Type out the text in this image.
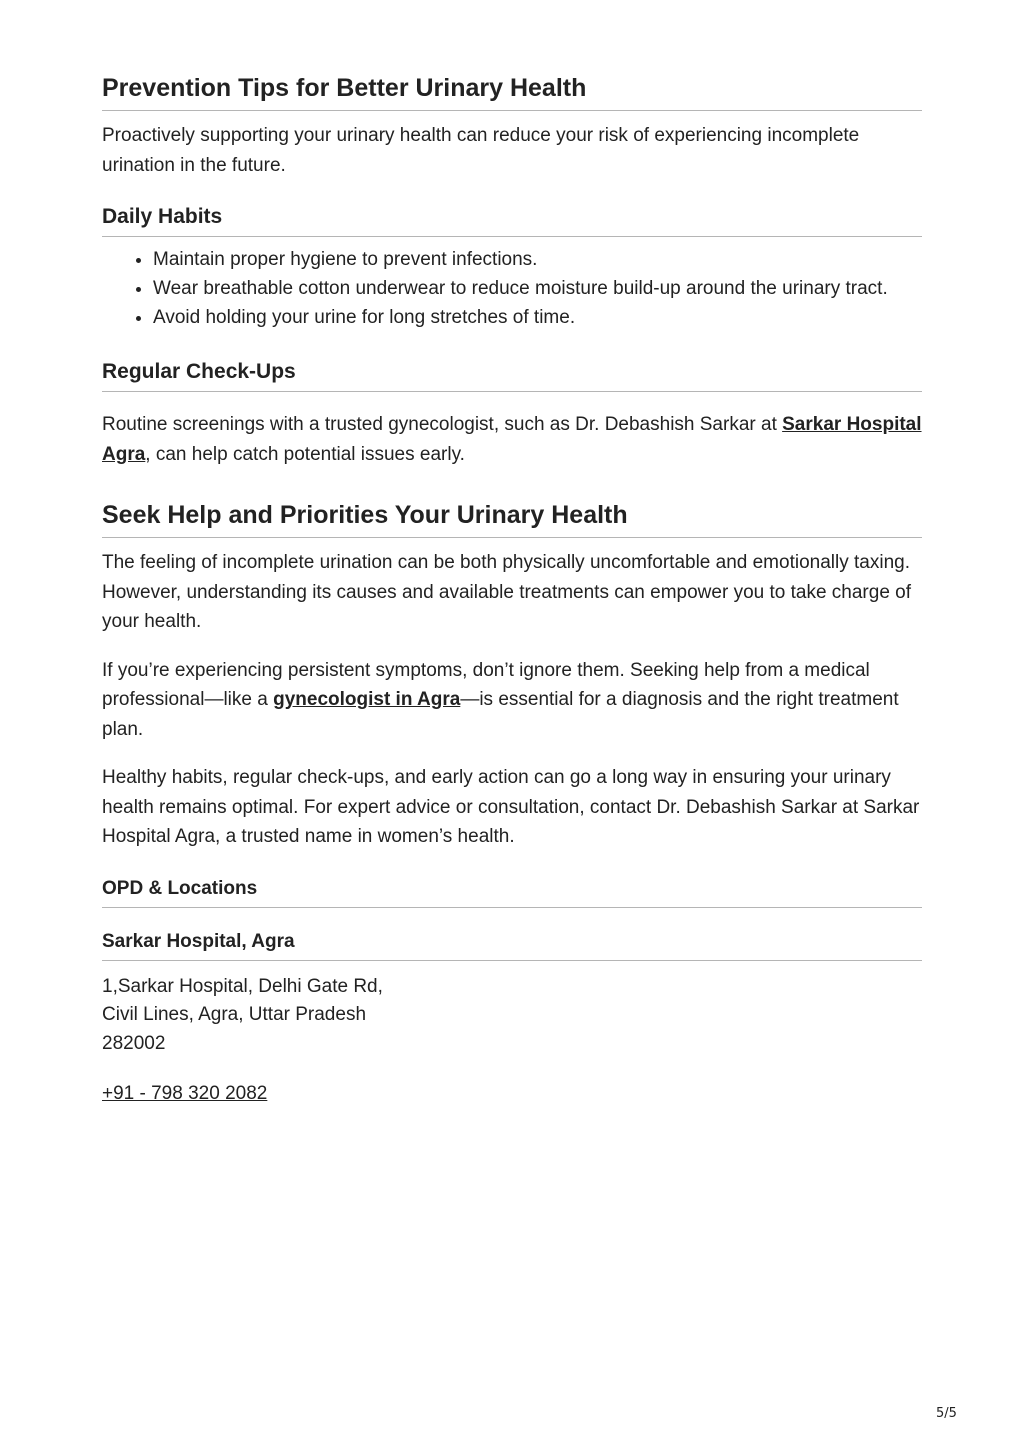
Prevention Tips for Better Urinary Health

Proactively supporting your urinary health can reduce your risk of experiencing incomplete urination in the future.

Daily Habits
• Maintain proper hygiene to prevent infections.
• Wear breathable cotton underwear to reduce moisture build-up around the urinary tract.
• Avoid holding your urine for long stretches of time.
Regular Check-Ups

Routine screenings with a trusted gynecologist, such as Dr. Debashish Sarkar at Sarkar Hospital Agra, can help catch potential issues early.

Seek Help and Priorities Your Urinary Health

The feeling of incomplete urination can be both physically uncomfortable and emotionally taxing. However, understanding its causes and available treatments can empower you to take charge of your health.

If you’re experiencing persistent symptoms, don’t ignore them. Seeking help from a medical professional—like a gynecologist in Agra—is essential for a diagnosis and the right treatment plan.

Healthy habits, regular check-ups, and early action can go a long way in ensuring your urinary health remains optimal. For expert advice or consultation, contact Dr. Debashish Sarkar at Sarkar Hospital Agra, a trusted name in women’s health.

OPD & Locations
Sarkar Hospital, Agra

1,Sarkar Hospital, Delhi Gate Rd,
Civil Lines, Agra, Uttar Pradesh
282002

+91 - 798 320 2082

5/5
